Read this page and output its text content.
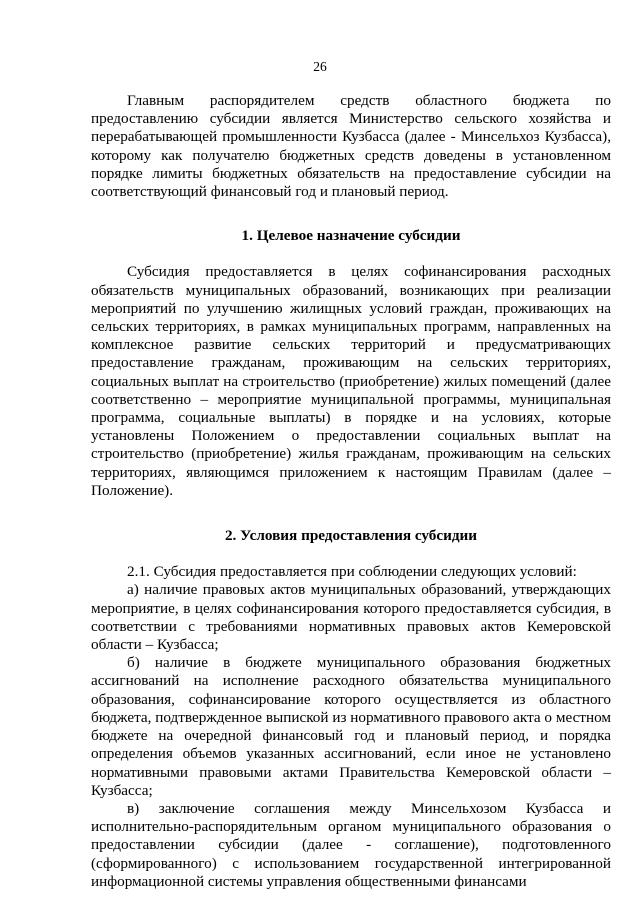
26

Главным распорядителем средств областного бюджета по предоставлению субсидии является Министерство сельского хозяйства и перерабатывающей промышленности Кузбасса (далее - Минсельхоз Кузбасса), которому как получателю бюджетных средств доведены в установленном порядке лимиты бюджетных обязательств на предоставление субсидии на соответствующий финансовый год и плановый период.

1. Целевое назначение субсидии

Субсидия предоставляется в целях софинансирования расходных обязательств муниципальных образований, возникающих при реализации мероприятий по улучшению жилищных условий граждан, проживающих на сельских территориях, в рамках муниципальных программ, направленных на комплексное развитие сельских территорий и предусматривающих предоставление гражданам, проживающим на сельских территориях, социальных выплат на строительство (приобретение) жилых помещений (далее соответственно – мероприятие муниципальной программы, муниципальная программа, социальные выплаты) в порядке и на условиях, которые установлены Положением о предоставлении социальных выплат на строительство (приобретение) жилья гражданам, проживающим на сельских территориях, являющимся приложением к настоящим Правилам (далее – Положение).

2. Условия предоставления субсидии

2.1. Субсидия предоставляется при соблюдении следующих условий:

а) наличие правовых актов муниципальных образований, утверждающих мероприятие, в целях софинансирования которого предоставляется субсидия, в соответствии с требованиями нормативных правовых актов Кемеровской области – Кузбасса;

б) наличие в бюджете муниципального образования бюджетных ассигнований на исполнение расходного обязательства муниципального образования, софинансирование которого осуществляется из областного бюджета, подтвержденное выпиской из нормативного правового акта о местном бюджете на очередной финансовый год и плановый период, и порядка определения объемов указанных ассигнований, если иное не установлено нормативными правовыми актами Правительства Кемеровской области – Кузбасса;

в) заключение соглашения между Минсельхозом Кузбасса и исполнительно-распорядительным органом муниципального образования о предоставлении субсидии (далее - соглашение), подготовленного (сформированного) с использованием государственной интегрированной информационной системы управления общественными финансами
